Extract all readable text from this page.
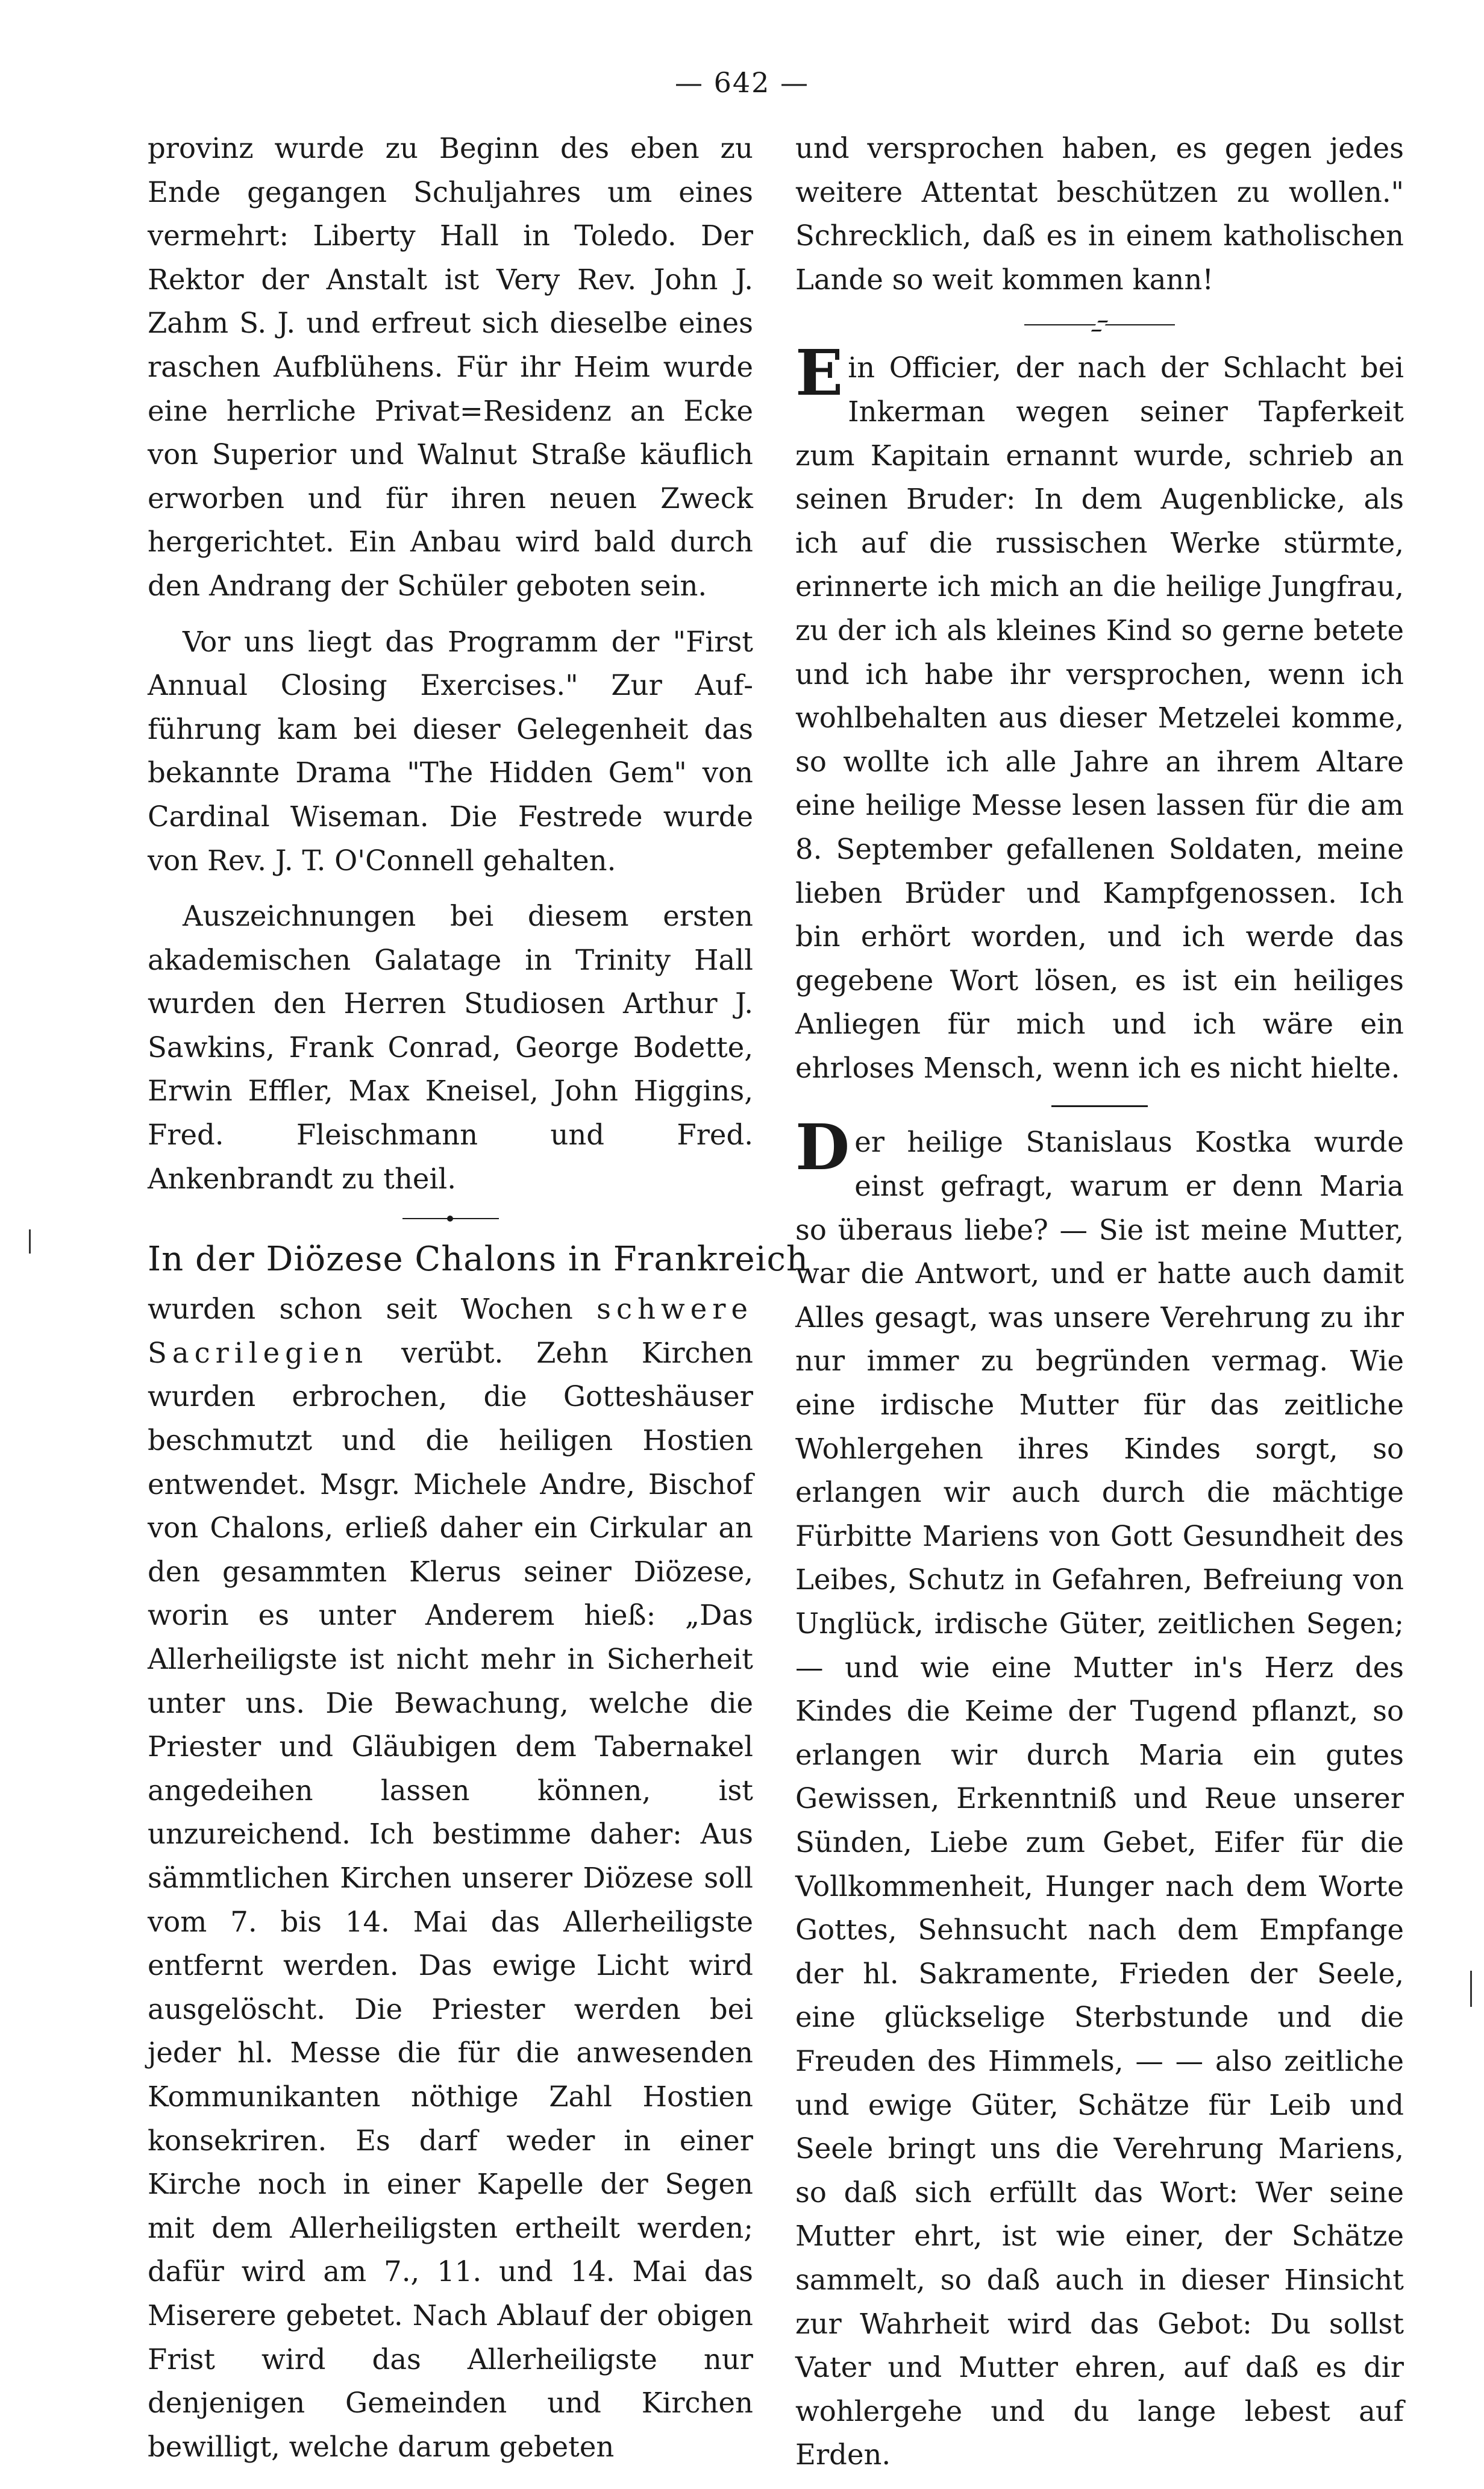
— 642 —

provinz wurde zu Beginn des eben zu Ende gegangen Schuljahres um eines vermehrt: Liberty Hall in Toledo. Der Rektor der Anstalt ist Very Rev. John J. Zahm S. J. und erfreut sich dieselbe eines raschen Aufblühens. Für ihr Heim wurde eine herrliche Privat=Residenz an Ecke von Superior und Walnut Straße käuflich erworben und für ihren neuen Zweck hergerichtet. Ein Anbau wird bald durch den Andrang der Schüler geboten sein.

Vor uns liegt das Programm der "First Annual Closing Exercises." Zur Aufführung kam bei dieser Gelegenheit das bekannte Drama "The Hidden Gem" von Cardinal Wiseman. Die Festrede wurde von Rev. J. T. O'Connell gehalten.

Auszeichnungen bei diesem ersten akademischen Galatage in Trinity Hall wurden den Herren Studiosen Arthur J. Sawkins, Frank Conrad, George Bodette, Erwin Effler, Max Kneisel, John Higgins, Fred. Fleischmann und Fred. Ankenbrandt zu theil.

In der Diözese Chalons in Frankreich

wurden schon seit Wochen schwere Sacrilegien verübt. Zehn Kirchen wurden erbrochen, die Gotteshäuser beschmutzt und die heiligen Hostien entwendet. Msgr. Michele Andre, Bischof von Chalons, erließ daher ein Cirkular an den gesammten Klerus seiner Diözese, worin es unter Anderem hieß: „Das Allerheiligste ist nicht mehr in Sicherheit unter uns. Die Bewachung, welche die Priester und Gläubigen dem Tabernakel angedeihen lassen können, ist unzureichend. Ich bestimme daher: Aus sämmtlichen Kirchen unserer Diözese soll vom 7. bis 14. Mai das Allerheiligste entfernt werden. Das ewige Licht wird ausgelöscht. Die Priester werden bei jeder hl. Messe die für die anwesenden Kommunikanten nöthige Zahl Hostien konsekriren. Es darf weder in einer Kirche noch in einer Kapelle der Segen mit dem Allerheiligsten ertheilt werden; dafür wird am 7., 11. und 14. Mai das Miserere gebetet. Nach Ablauf der obigen Frist wird das Allerheiligste nur denjenigen Gemeinden und Kirchen bewilligt, welche darum gebeten

und versprochen haben, es gegen jedes weitere Attentat beschützen zu wollen." Schrecklich, daß es in einem katholischen Lande so weit kommen kann!

Ein Officier, der nach der Schlacht bei Inkerman wegen seiner Tapferkeit zum Kapitain ernannt wurde, schrieb an seinen Bruder: In dem Augenblicke, als ich auf die russischen Werke stürmte, erinnerte ich mich an die heilige Jungfrau, zu der ich als kleines Kind so gerne betete und ich habe ihr versprochen, wenn ich wohlbehalten aus dieser Metzelei komme, so wollte ich alle Jahre an ihrem Altare eine heilige Messe lesen lassen für die am 8. September gefallenen Soldaten, meine lieben Brüder und Kampfgenossen. Ich bin erhört worden, und ich werde das gegebene Wort lösen, es ist ein heiliges Anliegen für mich und ich wäre ein ehrloses Mensch, wenn ich es nicht hielte.

Der heilige Stanislaus Kostka wurde einst gefragt, warum er denn Maria so überaus liebe? — Sie ist meine Mutter, war die Antwort, und er hatte auch damit Alles gesagt, was unsere Verehrung zu ihr nur immer zu begründen vermag. Wie eine irdische Mutter für das zeitliche Wohlergehen ihres Kindes sorgt, so erlangen wir auch durch die mächtige Fürbitte Mariens von Gott Gesundheit des Leibes, Schutz in Gefahren, Befreiung von Unglück, irdische Güter, zeitlichen Segen; — und wie eine Mutter in's Herz des Kindes die Keime der Tugend pflanzt, so erlangen wir durch Maria ein gutes Gewissen, Erkenntniß und Reue unserer Sünden, Liebe zum Gebet, Eifer für die Vollkommenheit, Hunger nach dem Worte Gottes, Sehnsucht nach dem Empfange der hl. Sakramente, Frieden der Seele, eine glückselige Sterbstunde und die Freuden des Himmels, — — also zeitliche und ewige Güter, Schätze für Leib und Seele bringt uns die Verehrung Mariens, so daß sich erfüllt das Wort: Wer seine Mutter ehrt, ist wie einer, der Schätze sammelt, so daß auch in dieser Hinsicht zur Wahrheit wird das Gebot: Du sollst Vater und Mutter ehren, auf daß es dir wohlergehe und du lange lebest auf Erden.
